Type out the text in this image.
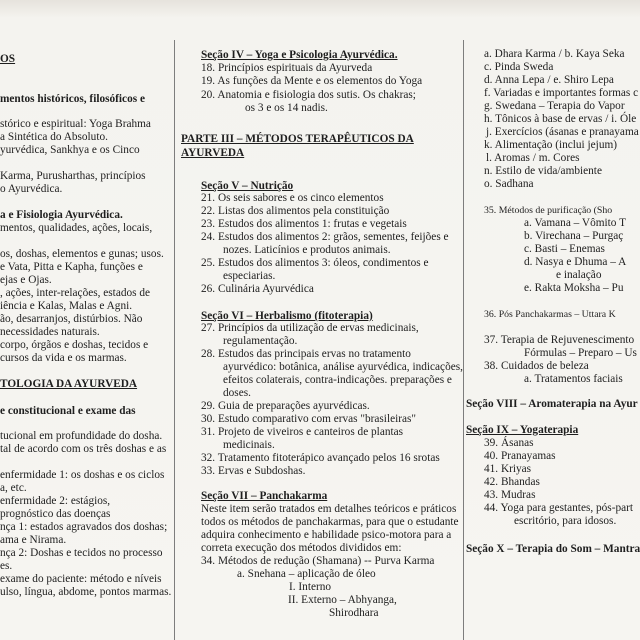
OS
mentos históricos, filosóficos e
stórico e espiritual: Yoga Brahma
a Sintética do Absoluto.
yurvédica, Sankhya e os Cinco
Karma, Purusharthas, princípios
o Ayurvédica.
a e Fisiologia Ayurvédica.
mentos, qualidades, ações, locais,
os, doshas, elementos e gunas; usos.
e Vata, Pitta e Kapha, funções e
ejas e Ojas.
, ações, inter-relações, estados de
iência e Kalas, Malas e Agni.
ão, desarranjos, distúrbios. Não
necessidades naturais.
corpo, órgãos e doshas, tecidos e
cursos da vida e os marmas.
TOLOGIA DA AYURVEDA
e constitucional e exame das
tucional em profundidade do dosha.
tal de acordo com os três doshas e as
enfermidade 1: os doshas e os ciclos
a, etc.
enfermidade 2: estágios,
prognóstico das doenças
nça 1: estados agravados dos doshas;
ama e Nirama.
nça 2: Doshas e tecidos no processo
es.
exame do paciente: método e níveis
ulso, língua, abdome, pontos marmas.
Seção IV – Yoga e Psicologia Ayurvédica.
18. Princípios espirituais da Ayurveda
19. As funções da Mente e os elementos do Yoga
20. Anatomia e fisiologia dos sutis. Os chakras;
os 3 e os 14 nadis.
PARTE III – MÉTODOS TERAPÊUTICOS DA
AYURVEDA
Seção V – Nutrição
21. Os seis sabores e os cinco elementos
22. Listas dos alimentos pela constituição
23. Estudos dos alimentos 1: frutas e vegetais
24. Estudos dos alimentos 2: grãos, sementes, feijões e
nozes. Laticínios e produtos animais.
25. Estudos dos alimentos 3: óleos, condimentos e
especiarias.
26. Culinária Ayurvédica
Seção VI – Herbalismo (fitoterapia)
27. Princípios da utilização de ervas medicinais,
regulamentação.
28. Estudos das principais ervas no tratamento
ayurvédico: botânica, análise ayurvédica, indicações,
efeitos colaterais, contra-indicações. preparações e
doses.
29. Guia de preparações ayurvédicas.
30. Estudo comparativo com ervas "brasileiras"
31. Projeto de viveiros e canteiros de plantas
medicinais.
32. Tratamento fitoterápico avançado pelos 16 srotas
33. Ervas e Subdoshas.
Seção VII – Panchakarma
Neste item serão tratados em detalhes teóricos e práticos
todos os métodos de panchakarmas, para que o estudante
adquira conhecimento e habilidade psico-motora para a
correta execução dos métodos divididos em:
34. Métodos de redução (Shamana) -- Purva Karma
a. Snehana – aplicação de óleo
I. Interno
II. Externo – Abhyanga,
Shirodhara
a. Dhara Karma / b. Kaya Seka
c. Pinda Sweda
d. Anna Lepa / e. Shiro Lepa
f. Variadas e importantes formas c
g. Swedana – Terapia do Vapor
h. Tônicos à base de ervas / i. Óle
j. Exercícios (ásanas e pranayama
k. Alimentação (inclui jejum)
l. Aromas / m. Cores
n. Estilo de vida/ambiente
o. Sadhana
35. Métodos de purificação (Sho
a. Vamana – Vômito T
b. Virechana – Purgaç
c. Basti – Enemas
d. Nasya e Dhuma – A
e inalação
e. Rakta Moksha – Pu
36. Pós Panchakarmas – Uttara K
37. Terapia de Rejuvenescimento
Fórmulas – Preparo – Us
38. Cuidados de beleza
a. Tratamentos faciais
Seção VIII – Aromaterapia na Ayur
Seção IX – Yogaterapia
39. Ásanas
40. Pranayamas
41. Kriyas
42. Bhandas
43. Mudras
44. Yoga para gestantes, pós-part
escritório, para idosos.
Seção X – Terapia do Som – Mantra
